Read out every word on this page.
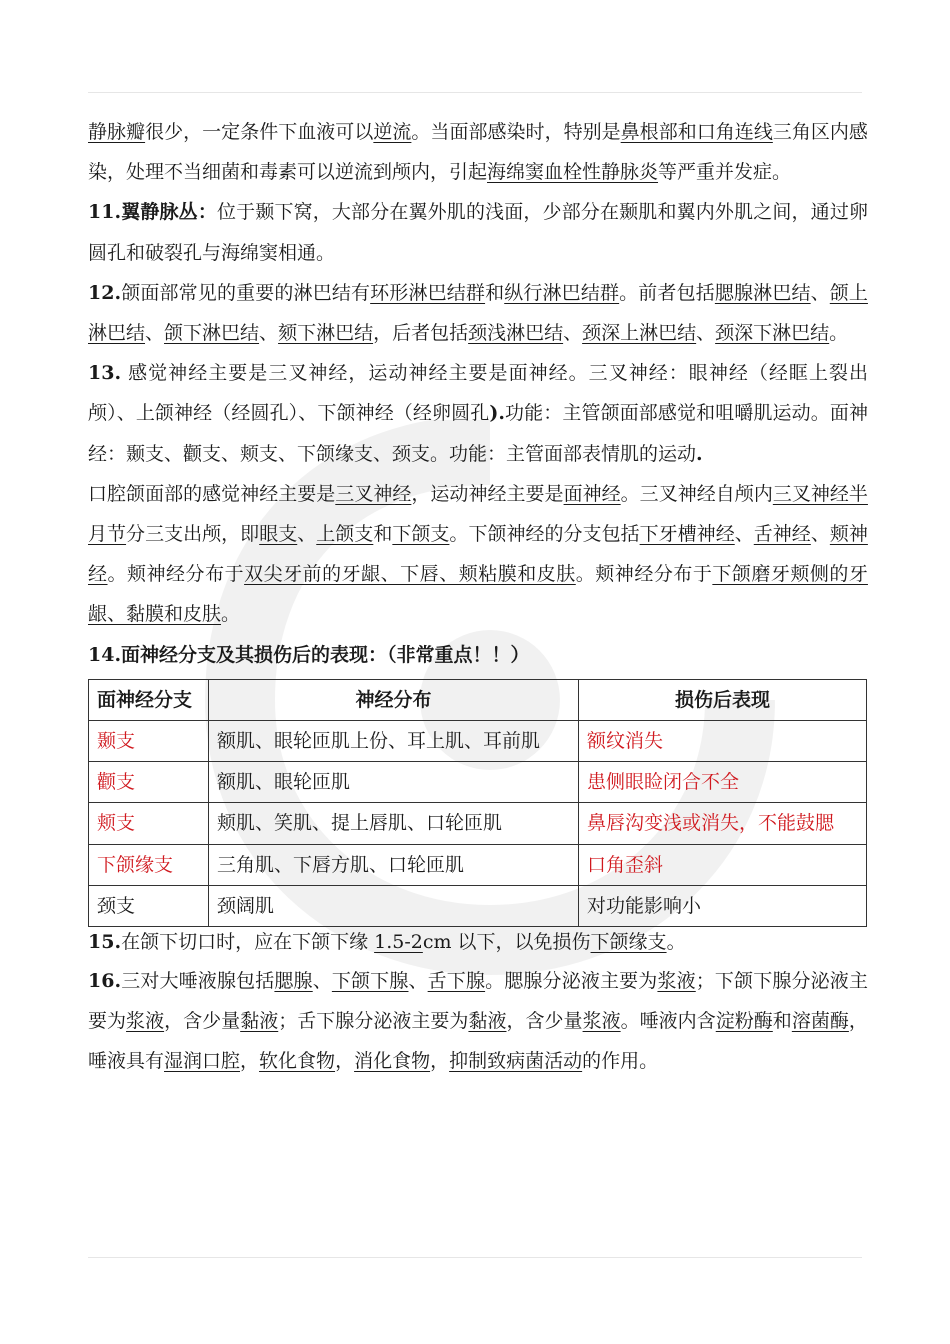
静脉瓣很少，一定条件下血液可以逆流。当面部感染时，特别是鼻根部和口角连线三角区内感染，处理不当细菌和毒素可以逆流到颅内，引起海绵窦血栓性静脉炎等严重并发症。

11.翼静脉丛：位于颞下窝，大部分在翼外肌的浅面，少部分在颞肌和翼内外肌之间，通过卵圆孔和破裂孔与海绵窦相通。

12.颌面部常见的重要的淋巴结有环形淋巴结群和纵行淋巴结群。前者包括腮腺淋巴结、颌上淋巴结、颌下淋巴结、颏下淋巴结，后者包括颈浅淋巴结、颈深上淋巴结、颈深下淋巴结。

13. 感觉神经主要是三叉神经，运动神经主要是面神经。三叉神经：眼神经（经眶上裂出颅）、上颌神经（经圆孔）、下颌神经（经卵圆孔).功能：主管颌面部感觉和咀嚼肌运动。面神经：颞支、颧支、颊支、下颌缘支、颈支。功能：主管面部表情肌的运动.

口腔颌面部的感觉神经主要是三叉神经，运动神经主要是面神经。三叉神经自颅内三叉神经半月节分三支出颅，即眼支、上颌支和下颌支。下颌神经的分支包括下牙槽神经、舌神经、颊神经。颊神经分布于双尖牙前的牙龈、下唇、颊粘膜和皮肤。颊神经分布于下颌磨牙颊侧的牙龈、黏膜和皮肤。

14.面神经分支及其损伤后的表现：（非常重点！！）

面神经分支	神经分布	损伤后表现
颞支	额肌、眼轮匝肌上份、耳上肌、耳前肌	额纹消失
颧支	额肌、眼轮匝肌	患侧眼睑闭合不全
颊支	颊肌、笑肌、提上唇肌、口轮匝肌	鼻唇沟变浅或消失，不能鼓腮
下颌缘支	三角肌、下唇方肌、口轮匝肌	口角歪斜
颈支	颈阔肌	对功能影响小

15.在颌下切口时，应在下颌下缘 1.5-2cm 以下，以免损伤下颌缘支。

16.三对大唾液腺包括腮腺、下颌下腺、舌下腺。腮腺分泌液主要为浆液；下颌下腺分泌液主要为浆液，含少量黏液；舌下腺分泌液主要为黏液，含少量浆液。唾液内含淀粉酶和溶菌酶，唾液具有湿润口腔，软化食物，消化食物，抑制致病菌活动的作用。
